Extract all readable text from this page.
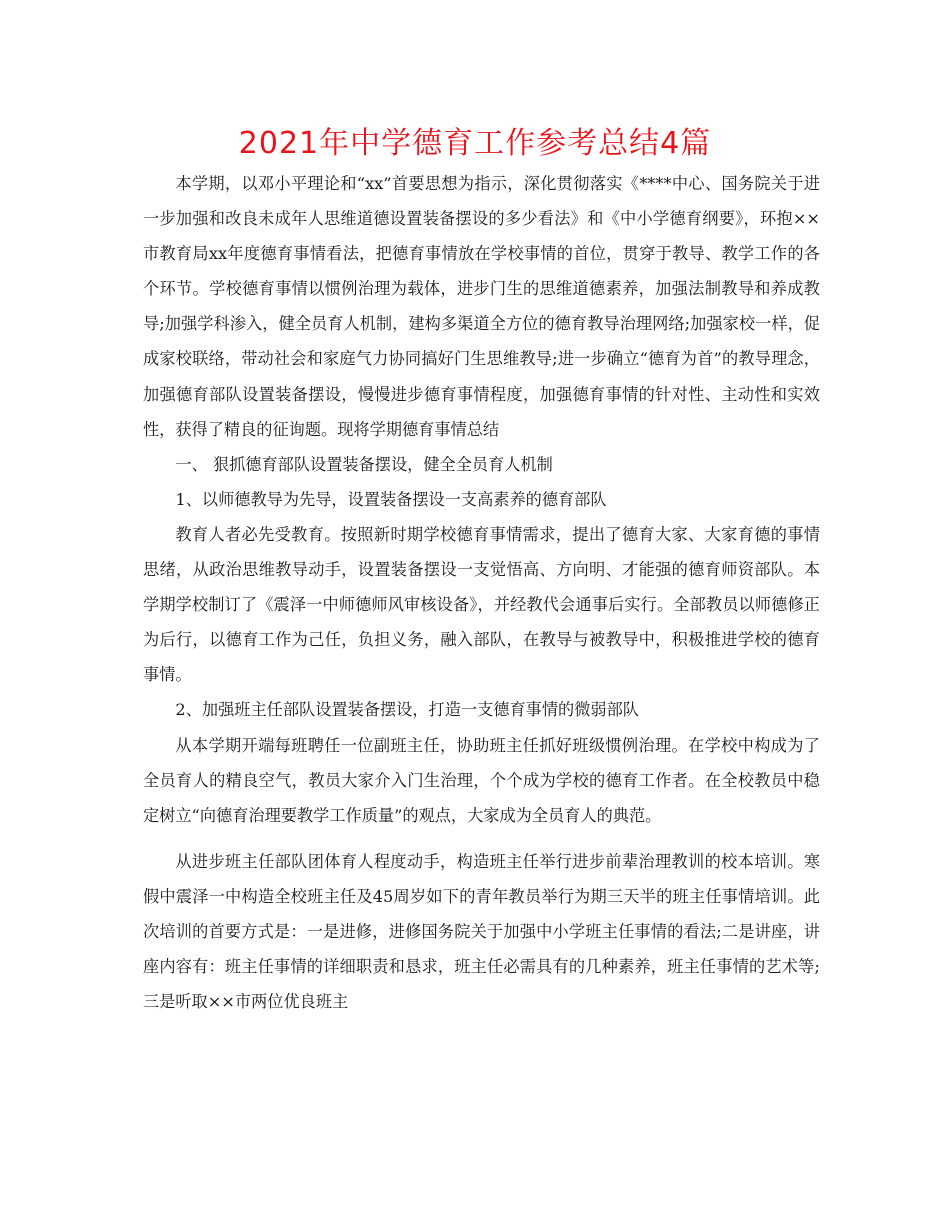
2021年中学德育工作参考总结4篇

本学期，以邓小平理论和“xx”首要思想为指示，深化贯彻落实《****中心、国务院关于进一步加强和改良未成年人思维道德设置装备摆设的多少看法》和《中小学德育纲要》，环抱××市教育局xx年度德育事情看法，把德育事情放在学校事情的首位，贯穿于教导、教学工作的各个环节。学校德育事情以惯例治理为载体，进步门生的思维道德素养，加强法制教导和养成教导;加强学科渗入，健全员育人机制，建构多渠道全方位的德育教导治理网络;加强家校一样，促成家校联络，带动社会和家庭气力协同搞好门生思维教导;进一步确立“德育为首”的教导理念，加强德育部队设置装备摆设，慢慢进步德育事情程度，加强德育事情的针对性、主动性和实效性，获得了精良的征询题。现将学期德育事情总结

一、 狠抓德育部队设置装备摆设，健全全员育人机制

1、以师德教导为先导，设置装备摆设一支高素养的德育部队

教育人者必先受教育。按照新时期学校德育事情需求，提出了德育大家、大家育德的事情思绪，从政治思维教导动手，设置装备摆设一支觉悟高、方向明、才能强的德育师资部队。本学期学校制订了《震泽一中师德师风审核设备》，并经教代会通事后实行。全部教员以师德修正为后行，以德育工作为己任，负担义务，融入部队，在教导与被教导中，积极推进学校的德育事情。

2、加强班主任部队设置装备摆设，打造一支德育事情的微弱部队

从本学期开端每班聘任一位副班主任，协助班主任抓好班级惯例治理。在学校中构成为了全员育人的精良空气，教员大家介入门生治理，个个成为学校的德育工作者。在全校教员中稳定树立“向德育治理要教学工作质量”的观点，大家成为全员育人的典范。

从进步班主任部队团体育人程度动手，构造班主任举行进步前辈治理教训的校本培训。寒假中震泽一中构造全校班主任及45周岁如下的青年教员举行为期三天半的班主任事情培训。此次培训的首要方式是：一是进修，进修国务院关于加强中小学班主任事情的看法;二是讲座，讲座内容有：班主任事情的详细职责和恳求，班主任必需具有的几种素养，班主任事情的艺术等;三是听取××市两位优良班主
